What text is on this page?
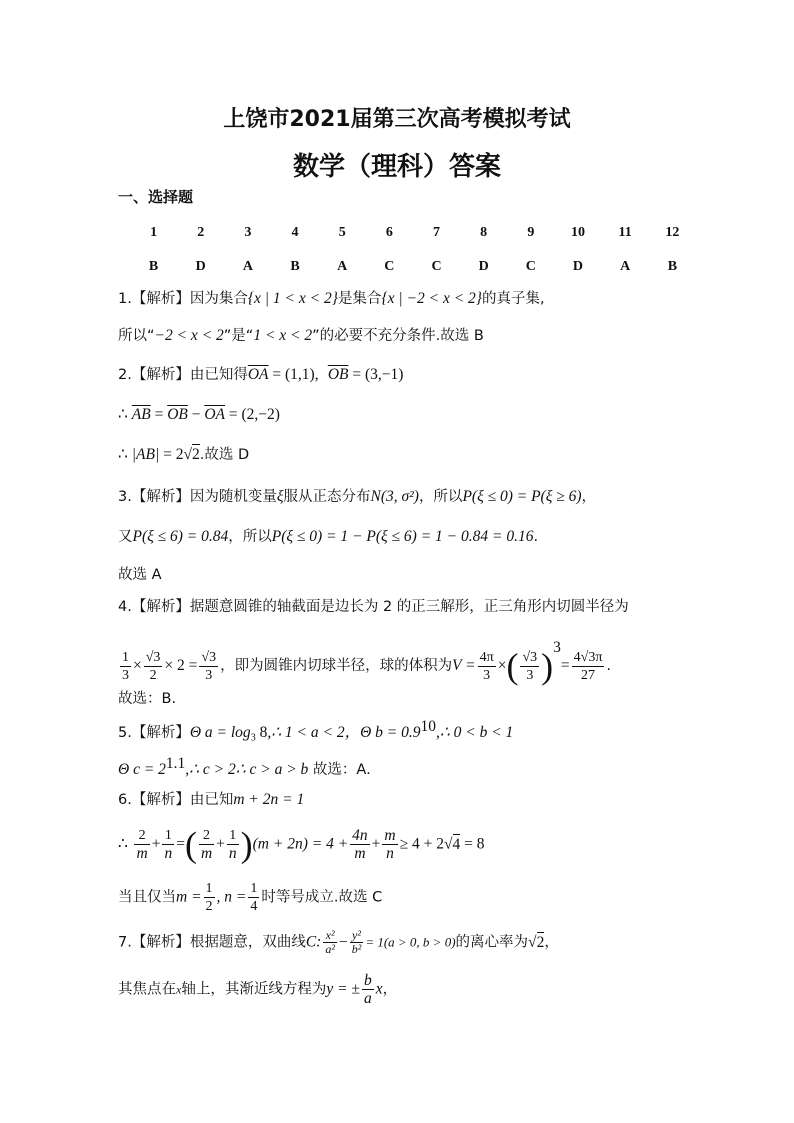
上饶市2021届第三次高考模拟考试
数学（理科）答案
一、选择题
1	2	3	4	5	6	7	8	9	10	11	12

B	D	A	B	A	C	C	D	C	D	A	B
1.【解析】因为集合{x | 1 < x < 2}是集合{x | −2 < x < 2}的真子集,
所以“−2 < x < 2”是“1 < x < 2”的必要不充分条件.故选 B
2.【解析】由已知得$\overline{OA} = (1,1)$, $\overline{OB} = (3,-1)$
∴ $\overline{AB} = \overline{OB} - \overline{OA} = (2,-2)$
∴ |AB| = 2√2.故选 D
3.【解析】因为随机变量ξ服从正态分布N(3, σ²)，所以P(ξ ≤ 0) = P(ξ ≥ 6)，
又P(ξ ≤ 6) = 0.84，所以P(ξ ≤ 0) = 1 − P(ξ ≤ 6) = 1 − 0.84 = 0.16.
故选 A
4.【解析】据题意圆锥的轴截面是边长为 2 的正三解形，正三角形内切圆半径为
$\frac{1}{3} \times \frac{√3}{2} \times 2 = \frac{√3}{3}$ ，即为圆锥内切球半径，球的体积为$V = \frac{4\pi}{3}$ ×( $\frac{√3}{3} )^3= \frac{4√3\pi}{27}$ .
故选：B.
5.【解析】Θ $a = \log_3$ 8,∴ 1 < a < 2，Θ $b = 0.9^{10},\therefore$ 0 < b < 1
Θ $c = 2^{1.1},\therefore$ c > 2∴ c > a > b 故选：A.
6.【解析】由已知m + 2n = 1
∴ $\frac{2}{m} + \frac{1}{n}$ =( $\frac{2}{m} + \frac{1}{n} )(m + 2n) = 4 + \frac{4n}{m} + \frac{m}{n} \ge 4 + 2√4 = 8$
当且仅当$m = \frac{1}{2}$ , $n = \frac{1}{4}$ 时等号成立.故选 C
7.【解析】根据题意，双曲线C: $\frac{\text{x²}}{\text{a²}} - \frac{\text{y²}}{\text{b²}} = 1(a > 0$, b > 0)的离心率为√2，
其焦点在x轴上，其渐近线方程为y = ± $\frac{b}{a}$ x，
